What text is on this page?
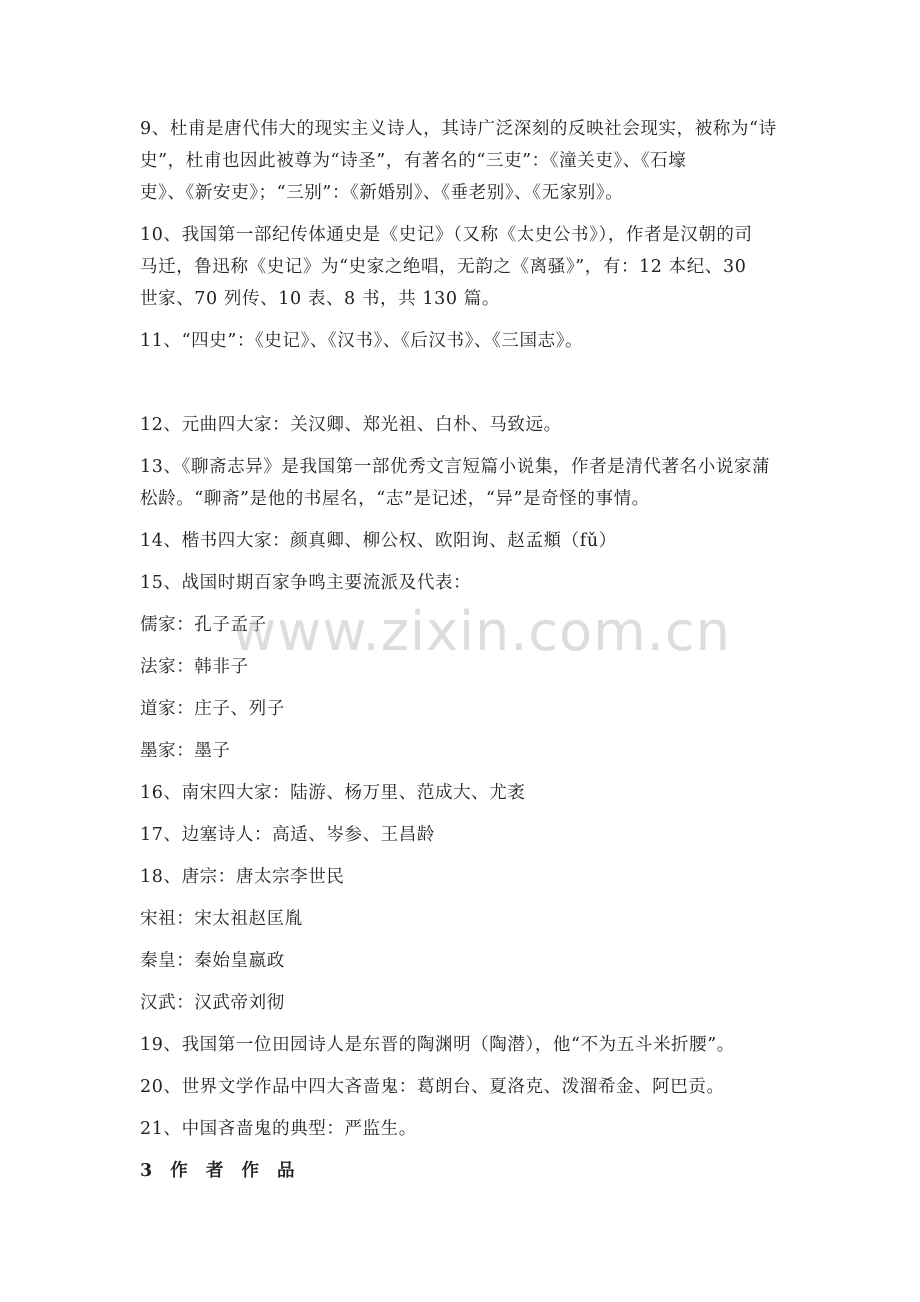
9、杜甫是唐代伟大的现实主义诗人，其诗广泛深刻的反映社会现实，被称为“诗
史”，杜甫也因此被尊为“诗圣”，有著名的“三吏”：《潼关吏》、《石壕
吏》、《新安吏》；“三别”：《新婚别》、《垂老别》、《无家别》。
10、我国第一部纪传体通史是《史记》（又称《太史公书》），作者是汉朝的司
马迁，鲁迅称《史记》为“史家之绝唱，无韵之《离骚》”，有：12 本纪、30
世家、70 列传、10 表、8 书，共 130 篇。
11、“四史”：《史记》、《汉书》、《后汉书》、《三国志》。
12、元曲四大家：关汉卿、郑光祖、白朴、马致远。
13、《聊斋志异》是我国第一部优秀文言短篇小说集，作者是清代著名小说家蒲
松龄。“聊斋”是他的书屋名，“志”是记述，“异”是奇怪的事情。
14、楷书四大家：颜真卿、柳公权、欧阳询、赵孟頫（fǔ）
15、战国时期百家争鸣主要流派及代表：
儒家：孔子孟子
法家：韩非子
道家：庄子、列子
墨家：墨子
16、南宋四大家：陆游、杨万里、范成大、尤袤
17、边塞诗人：高适、岑参、王昌龄
18、唐宗：唐太宗李世民
宋祖：宋太祖赵匡胤
秦皇：秦始皇嬴政
汉武：汉武帝刘彻
19、我国第一位田园诗人是东晋的陶渊明（陶潜），他“不为五斗米折腰”。
20、世界文学作品中四大吝啬鬼：葛朗台、夏洛克、泼溜希金、阿巴贡。
21、中国吝啬鬼的典型：严监生。
3 作 者 作 品
www.zixin.com.cn
